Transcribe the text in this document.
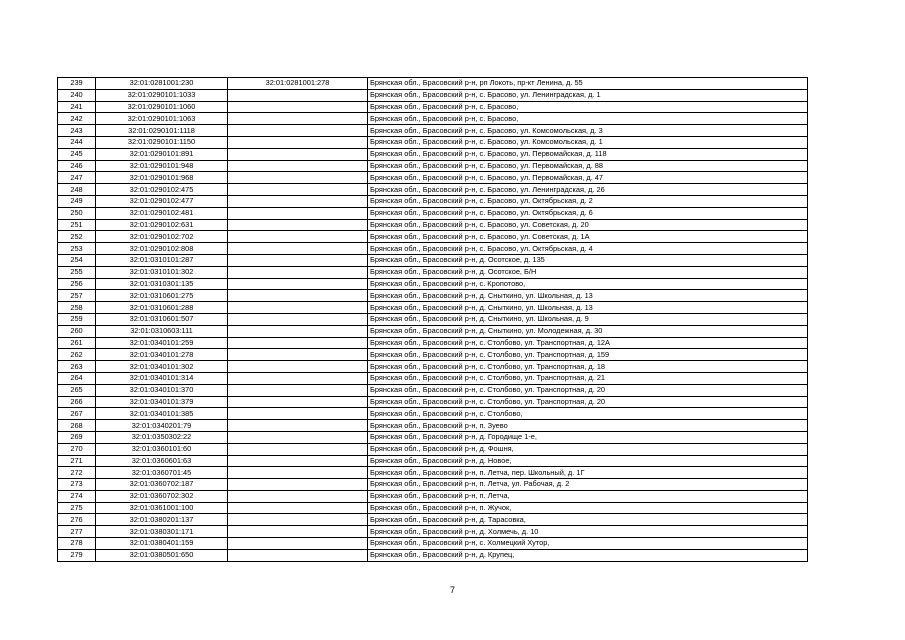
239	32:01:0281001:230	32:01:0281001:278	Брянская обл., Брасовский р-н, рп Локоть, пр-кт Ленина, д. 55
240	32:01:0290101:1033		Брянская обл., Брасовский р-н, с. Брасово, ул. Ленинградская, д. 1
241	32:01:0290101:1060		Брянская обл., Брасовский р-н, с. Брасово,
242	32:01:0290101:1063		Брянская обл., Брасовский р-н, с. Брасово,
243	32:01:0290101:1118		Брянская обл., Брасовский р-н, с. Брасово, ул. Комсомольская, д. 3
244	32:01:0290101:1150		Брянская обл., Брасовский р-н, с. Брасово, ул. Комсомольская, д. 1
245	32:01:0290101:891		Брянская обл., Брасовский р-н, с. Брасово, ул. Первомайская, д. 118
246	32:01:0290101:948		Брянская обл., Брасовский р-н, с. Брасово, ул. Первомайская, д. 88
247	32:01:0290101:968		Брянская обл., Брасовский р-н, с. Брасово, ул. Первомайская, д. 47
248	32:01:0290102:475		Брянская обл., Брасовский р-н, с. Брасово, ул. Ленинградская, д. 26
249	32:01:0290102:477		Брянская обл., Брасовский р-н, с. Брасово, ул. Октябрьская, д. 2
250	32:01:0290102:481		Брянская обл., Брасовский р-н, с. Брасово, ул. Октябрьская, д. 6
251	32:01:0290102:631		Брянская обл., Брасовский р-н, с. Брасово, ул. Советская, д. 20
252	32:01:0290102:702		Брянская обл., Брасовский р-н, с. Брасово, ул. Советская, д. 1А
253	32:01:0290102:808		Брянская обл., Брасовский р-н, с. Брасово, ул. Октябрьская, д. 4
254	32:01:0310101:287		Брянская обл., Брасовский р-н, д. Осотское, д. 135
255	32:01:0310101:302		Брянская обл., Брасовский р-н, д. Осотское, Б/Н
256	32:01:0310301:135		Брянская обл., Брасовский р-н, с. Кропотово,
257	32:01:0310601:275		Брянская обл., Брасовский р-н, д. Сныткино, ул. Школьная, д. 13
258	32:01:0310601:288		Брянская обл., Брасовский р-н, д. Сныткино, ул. Школьная, д. 13
259	32:01:0310601:507		Брянская обл., Брасовский р-н, д. Сныткино, ул. Школьная, д. 9
260	32:01:0310603:111		Брянская обл., Брасовский р-н, д. Сныткино, ул. Молодежная, д. 30
261	32:01:0340101:259		Брянская обл., Брасовский р-н, с. Столбово, ул. Транспортная, д. 12А
262	32:01:0340101:278		Брянская обл., Брасовский р-н, с. Столбово, ул. Транспортная, д. 159
263	32:01:0340101:302		Брянская обл., Брасовский р-н, с. Столбово, ул. Транспортная, д. 18
264	32:01:0340101:314		Брянская обл., Брасовский р-н, с. Столбово, ул. Транспортная, д. 21
265	32:01:0340101:370		Брянская обл., Брасовский р-н, с. Столбово, ул. Транспортная, д. 20
266	32:01:0340101:379		Брянская обл., Брасовский р-н, с. Столбово, ул. Транспортная, д. 20
267	32:01:0340101:385		Брянская обл., Брасовский р-н, с. Столбово,
268	32:01:0340201:79		Брянская обл., Брасовский р-н, п. Зуево
269	32:01:0350302:22		Брянская обл., Брасовский р-н, д. Городище 1-е,
270	32:01:0360101:60		Брянская обл., Брасовский р-н, д. Фошня,
271	32:01:0360601:63		Брянская обл., Брасовский р-н, д. Новое,
272	32:01:0360701:45		Брянская обл., Брасовский р-н, п. Летча, пер. Школьный, д. 1Г
273	32:01:0360702:187		Брянская обл., Брасовский р-н, п. Летча, ул. Рабочая, д. 2
274	32:01:0360702:302		Брянская обл., Брасовский р-н, п. Летча,
275	32:01:0361001:100		Брянская обл., Брасовский р-н, п. Жучок,
276	32:01:0380201:137		Брянская обл., Брасовский р-н, д. Тарасовка,
277	32:01:0380301:171		Брянская обл., Брасовский р-н, д. Холмечь, д. 10
278	32:01:0380401:159		Брянская обл., Брасовский р-н, с. Холмецкий Хутор,
279	32:01:0380501:650		Брянская обл., Брасовский р-н, д. Крупец,
7
